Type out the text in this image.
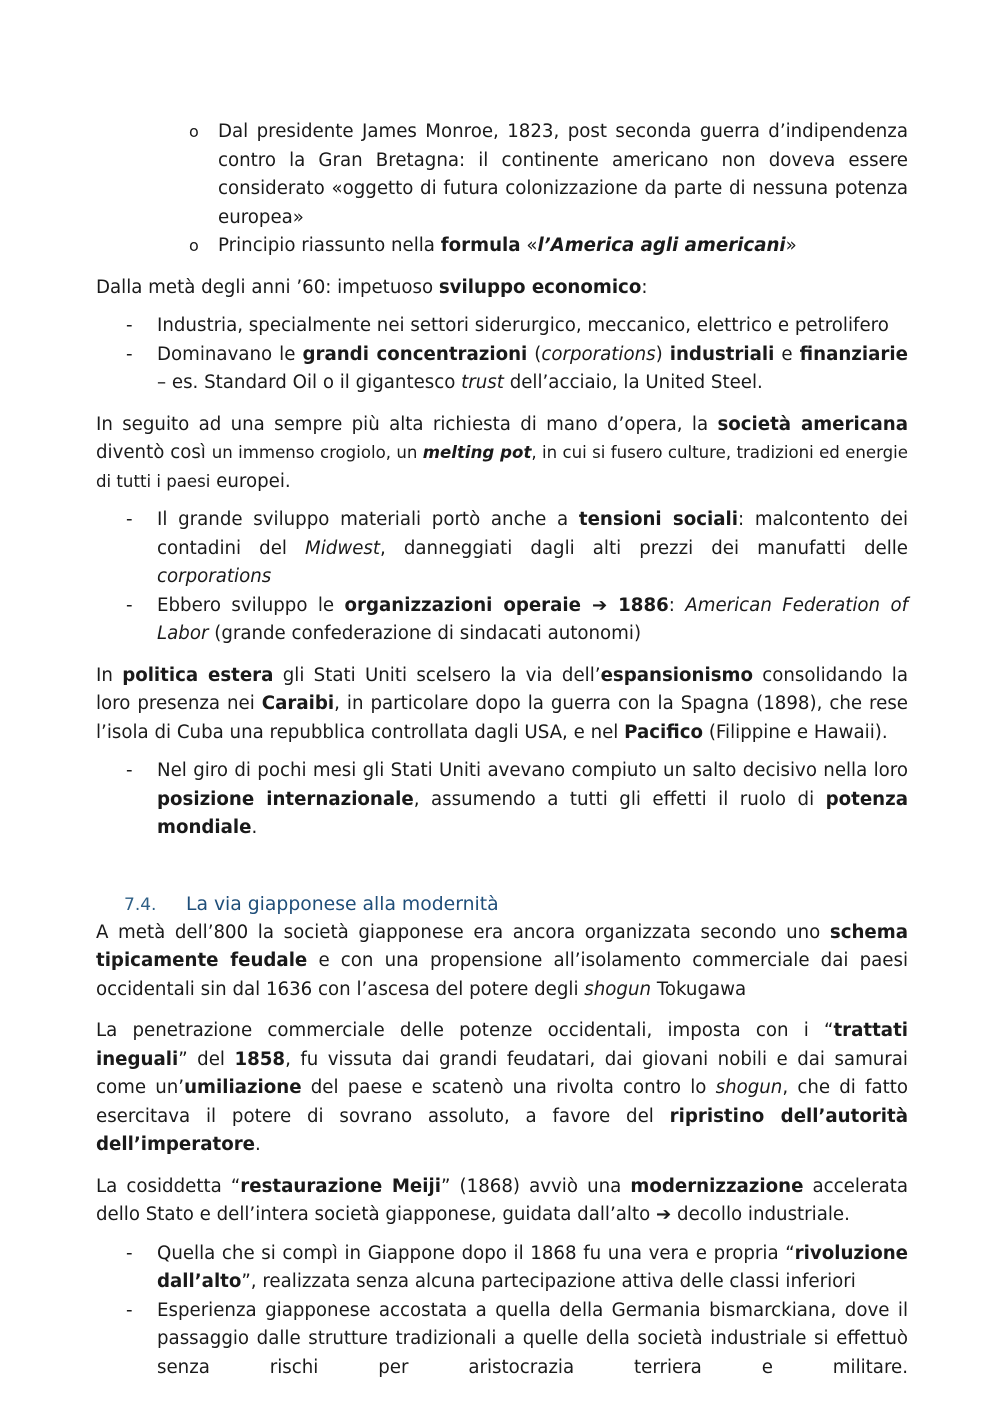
o Dal presidente James Monroe, 1823, post seconda guerra d’indipendenza contro la Gran Bretagna: il continente americano non doveva essere considerato «oggetto di futura colonizzazione da parte di nessuna potenza europea»
o Principio riassunto nella formula «l’America agli americani»

Dalla metà degli anni ’60: impetuoso sviluppo economico:

- Industria, specialmente nei settori siderurgico, meccanico, elettrico e petrolifero
- Dominavano le grandi concentrazioni (corporations) industriali e finanziarie – es. Standard Oil o il gigantesco trust dell’acciaio, la United Steel.

In seguito ad una sempre più alta richiesta di mano d’opera, la società americana diventò così un immenso crogiolo, un melting pot, in cui si fusero culture, tradizioni ed energie di tutti i paesi europei.

- Il grande sviluppo materiali portò anche a tensioni sociali: malcontento dei contadini del Midwest, danneggiati dagli alti prezzi dei manufatti delle corporations
- Ebbero sviluppo le organizzazioni operaie ➔ 1886: American Federation of Labor (grande confederazione di sindacati autonomi)

In politica estera gli Stati Uniti scelsero la via dell’espansionismo consolidando la loro presenza nei Caraibi, in particolare dopo la guerra con la Spagna (1898), che rese l’isola di Cuba una repubblica controllata dagli USA, e nel Pacifico (Filippine e Hawaii).

- Nel giro di pochi mesi gli Stati Uniti avevano compiuto un salto decisivo nella loro posizione internazionale, assumendo a tutti gli effetti il ruolo di potenza mondiale.
7.4. La via giapponese alla modernità

A metà dell’800 la società giapponese era ancora organizzata secondo uno schema tipicamente feudale e con una propensione all’isolamento commerciale dai paesi occidentali sin dal 1636 con l’ascesa del potere degli shogun Tokugawa

La penetrazione commerciale delle potenze occidentali, imposta con i “trattati ineguali” del 1858, fu vissuta dai grandi feudatari, dai giovani nobili e dai samurai come un’umiliazione del paese e scatenò una rivolta contro lo shogun, che di fatto esercitava il potere di sovrano assoluto, a favore del ripristino dell’autorità dell’imperatore.

La cosiddetta “restaurazione Meiji” (1868) avviò una modernizzazione accelerata dello Stato e dell’intera società giapponese, guidata dall’alto ➔ decollo industriale.

- Quella che si compì in Giappone dopo il 1868 fu una vera e propria “rivoluzione dall’alto”, realizzata senza alcuna partecipazione attiva delle classi inferiori
- Esperienza giapponese accostata a quella della Germania bismarckiana, dove il passaggio dalle strutture tradizionali a quelle della società industriale si effettuò senza rischi per aristocrazia terriera e militare.
